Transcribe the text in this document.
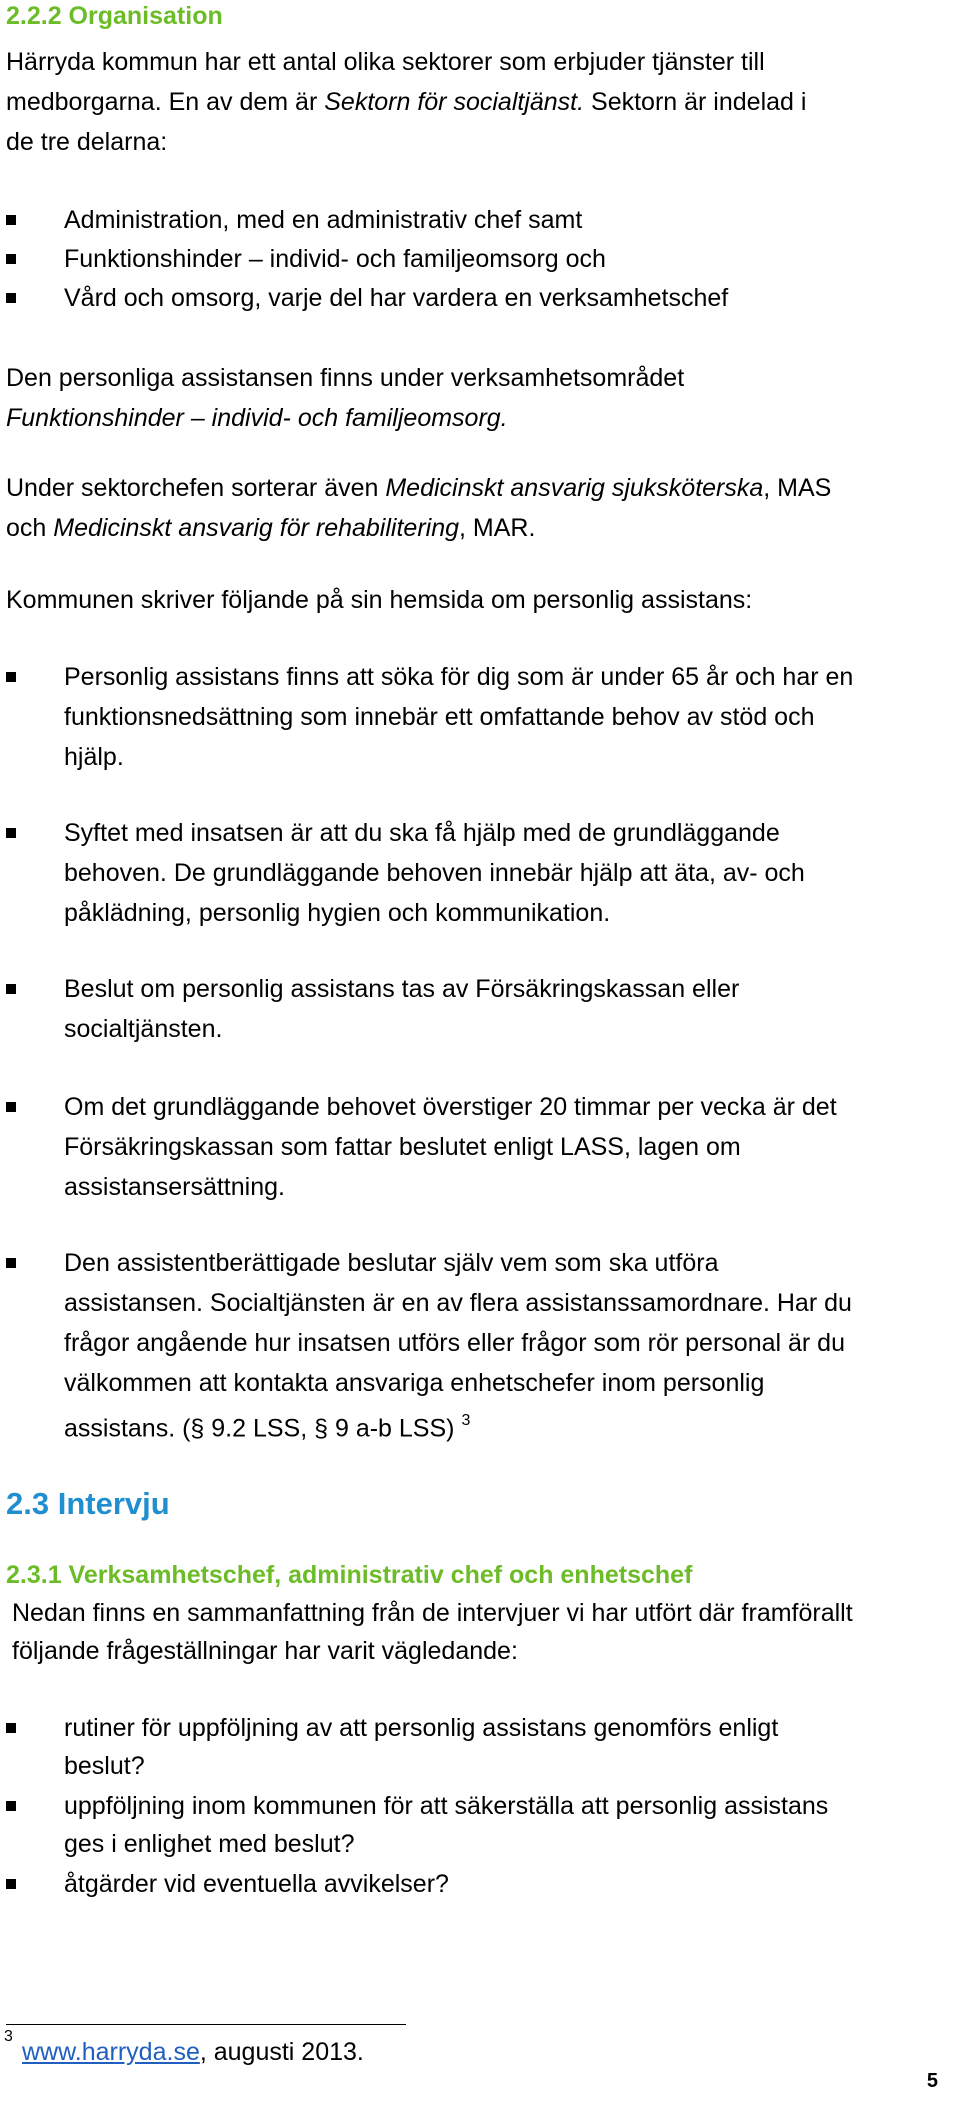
2.2.2 Organisation
Härryda kommun har ett antal olika sektorer som erbjuder tjänster till
medborgarna. En av dem är Sektorn för socialtjänst. Sektorn är indelad i
de tre delarna:
Administration, med en administrativ chef samt
Funktionshinder – individ- och familjeomsorg och
Vård och omsorg, varje del har vardera en verksamhetschef
Den personliga assistansen finns under verksamhetsområdet
Funktionshinder – individ- och familjeomsorg.
Under sektorchefen sorterar även Medicinskt ansvarig sjuksköterska, MAS
och Medicinskt ansvarig för rehabilitering, MAR.
Kommunen skriver följande på sin hemsida om personlig assistans:
Personlig assistans finns att söka för dig som är under 65 år och har en
funktionsnedsättning som innebär ett omfattande behov av stöd och
hjälp.
Syftet med insatsen är att du ska få hjälp med de grundläggande
behoven. De grundläggande behoven innebär hjälp att äta, av- och
påklädning, personlig hygien och kommunikation.
Beslut om personlig assistans tas av Försäkringskassan eller
socialtjänsten.
Om det grundläggande behovet överstiger 20 timmar per vecka är det
Försäkringskassan som fattar beslutet enligt LASS, lagen om
assistansersättning.
Den assistentberättigade beslutar själv vem som ska utföra
assistansen. Socialtjänsten är en av flera assistanssamordnare. Har du
frågor angående hur insatsen utförs eller frågor som rör personal är du
välkommen att kontakta ansvariga enhetschefer inom personlig
assistans. (§ 9.2 LSS, § 9 a-b LSS) $^3$
2.3 Intervju
2.3.1 Verksamhetschef, administrativ chef och enhetschef
Nedan finns en sammanfattning från de intervjuer vi har utfört där framförallt
följande frågeställningar har varit vägledande:
rutiner för uppföljning av att personlig assistans genomförs enligt
beslut?
uppföljning inom kommunen för att säkerställa att personlig assistans
ges i enlighet med beslut?
åtgärder vid eventuella avvikelser?
3
www.harryda.se, augusti 2013.
5
